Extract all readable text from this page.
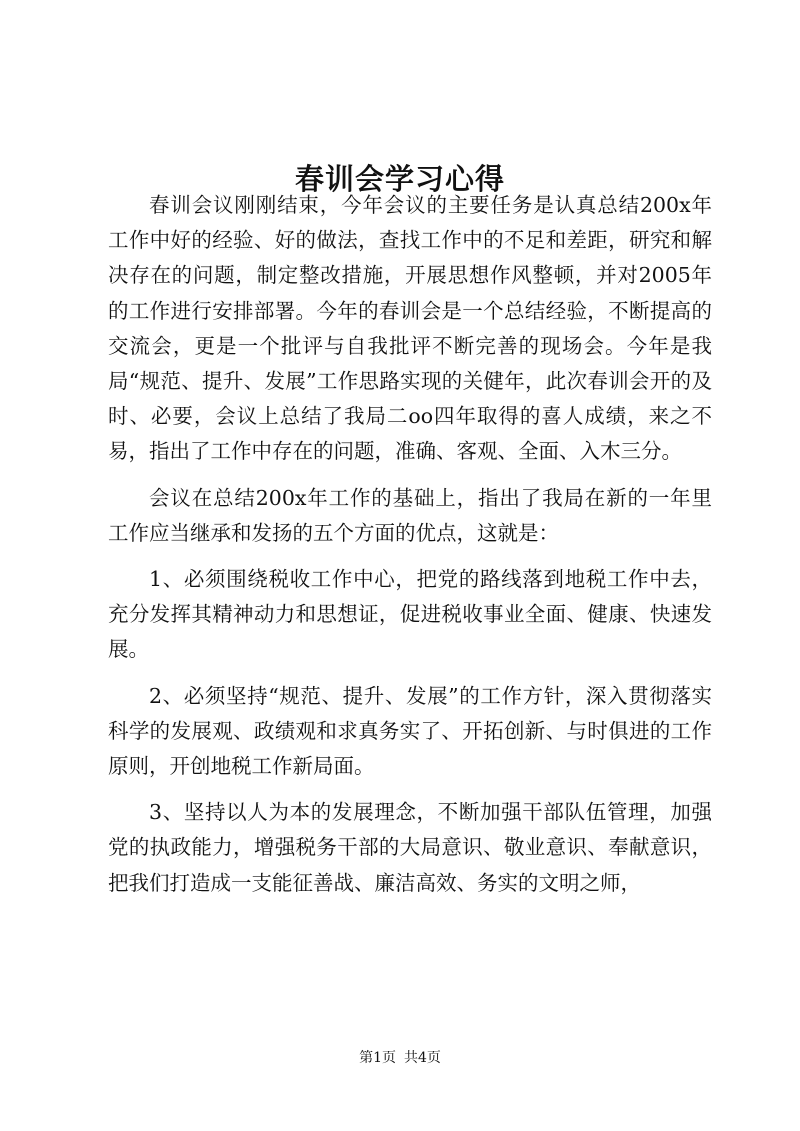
春训会学习心得

春训会议刚刚结束，今年会议的主要任务是认真总结200x年工作中好的经验、好的做法，查找工作中的不足和差距，研究和解决存在的问题，制定整改措施，开展思想作风整顿，并对2005年的工作进行安排部署。今年的春训会是一个总结经验，不断提高的交流会，更是一个批评与自我批评不断完善的现场会。今年是我局“规范、提升、发展”工作思路实现的关健年，此次春训会开的及时、必要，会议上总结了我局二oo四年取得的喜人成绩，来之不易，指出了工作中存在的问题，准确、客观、全面、入木三分。

会议在总结200x年工作的基础上，指出了我局在新的一年里工作应当继承和发扬的五个方面的优点，这就是：

1、必须围绕税收工作中心，把党的路线落到地税工作中去，充分发挥其精神动力和思想证，促进税收事业全面、健康、快速发展。

2、必须坚持“规范、提升、发展”的工作方针，深入贯彻落实科学的发展观、政绩观和求真务实了、开拓创新、与时俱进的工作原则，开创地税工作新局面。

3、坚持以人为本的发展理念，不断加强干部队伍管理，加强党的执政能力，增强税务干部的大局意识、敬业意识、奉献意识，把我们打造成一支能征善战、廉洁高效、务实的文明之师，

第1页 共4页
